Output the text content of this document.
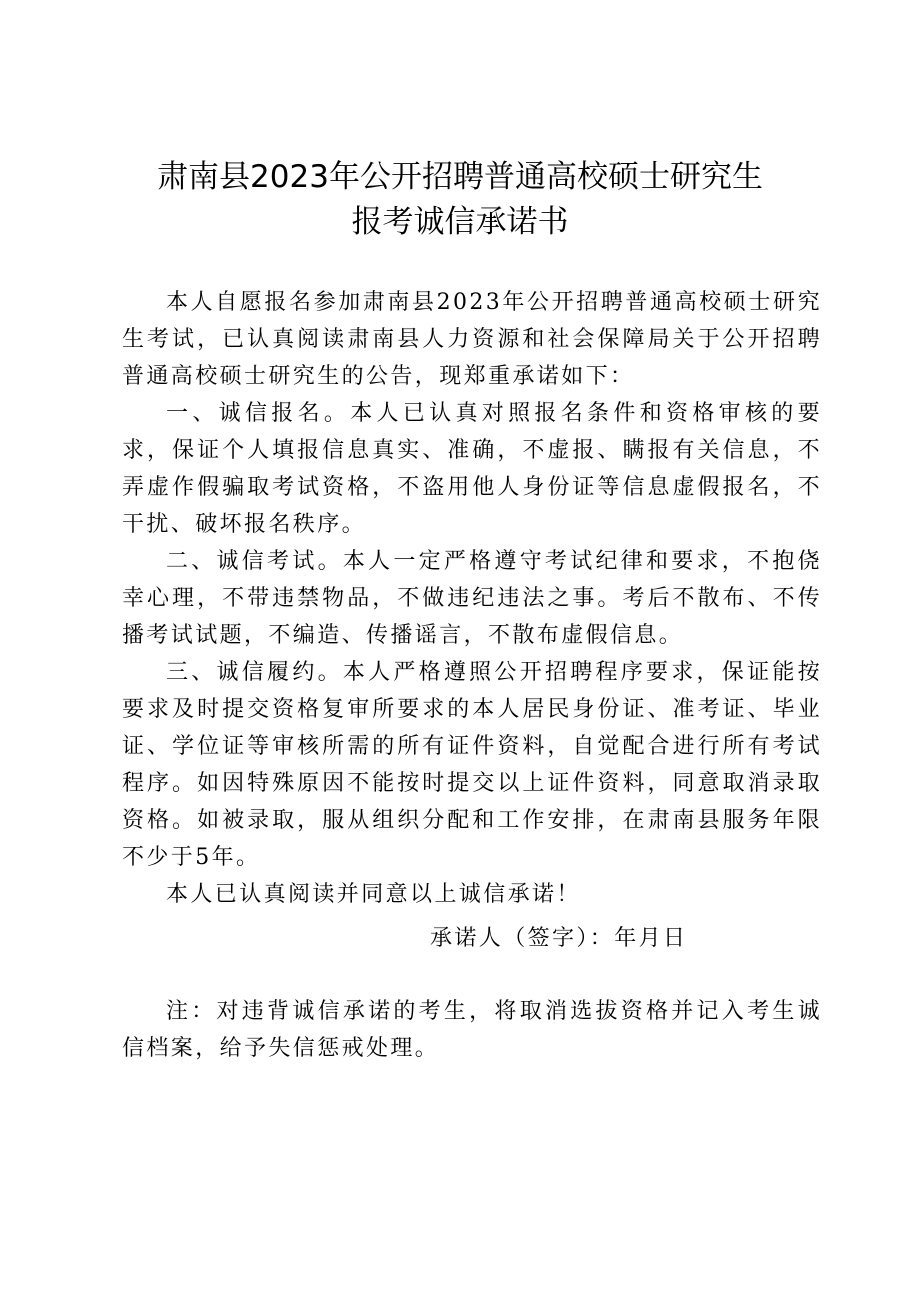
肃南县2023年公开招聘普通高校硕士研究生
报考诚信承诺书

本人自愿报名参加肃南县2023年公开招聘普通高校硕士研究生考试，已认真阅读肃南县人力资源和社会保障局关于公开招聘普通高校硕士研究生的公告，现郑重承诺如下：

一、诚信报名。本人已认真对照报名条件和资格审核的要求，保证个人填报信息真实、准确，不虚报、瞒报有关信息，不弄虚作假骗取考试资格，不盗用他人身份证等信息虚假报名，不干扰、破坏报名秩序。

二、诚信考试。本人一定严格遵守考试纪律和要求，不抱侥幸心理，不带违禁物品，不做违纪违法之事。考后不散布、不传播考试试题，不编造、传播谣言，不散布虚假信息。

三、诚信履约。本人严格遵照公开招聘程序要求，保证能按要求及时提交资格复审所要求的本人居民身份证、准考证、毕业证、学位证等审核所需的所有证件资料，自觉配合进行所有考试程序。如因特殊原因不能按时提交以上证件资料，同意取消录取资格。如被录取，服从组织分配和工作安排，在肃南县服务年限不少于5年。

本人已认真阅读并同意以上诚信承诺！

承诺人（签字）：年月日

注：对违背诚信承诺的考生，将取消选拔资格并记入考生诚信档案，给予失信惩戒处理。
